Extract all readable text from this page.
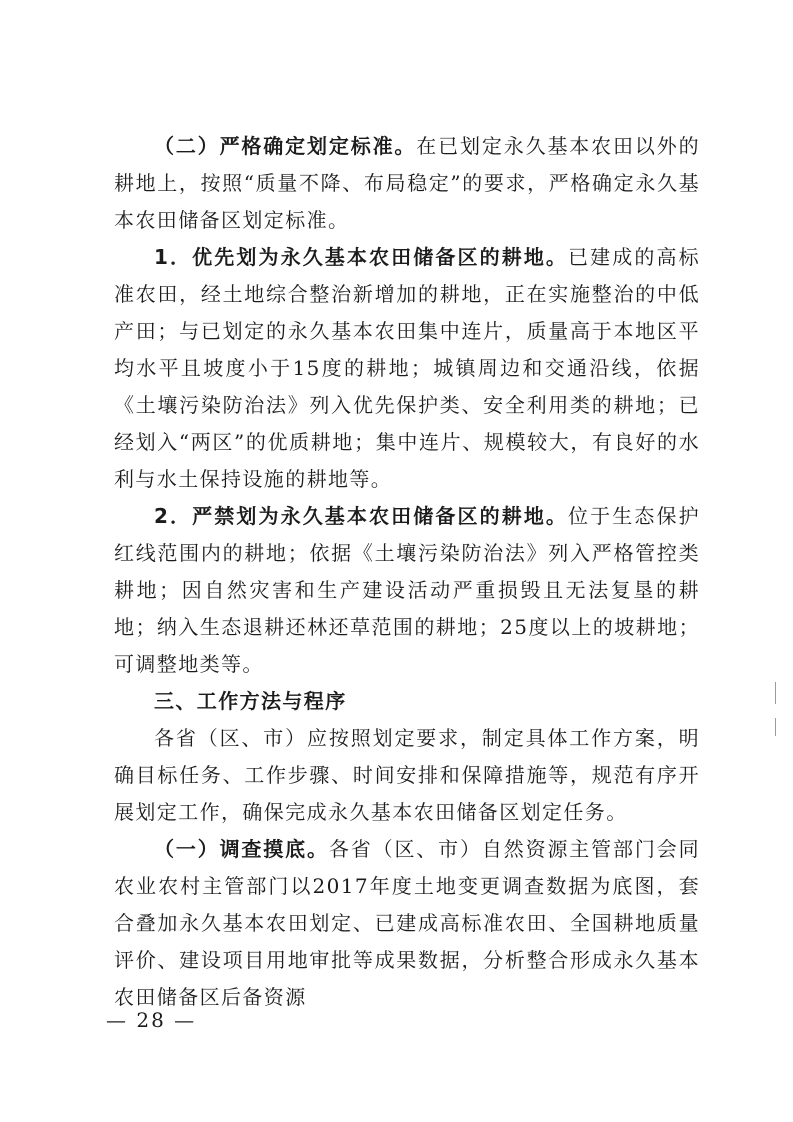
（二）严格确定划定标准。在已划定永久基本农田以外的耕地上，按照“质量不降、布局稳定”的要求，严格确定永久基本农田储备区划定标准。

1．优先划为永久基本农田储备区的耕地。已建成的高标准农田，经土地综合整治新增加的耕地，正在实施整治的中低产田；与已划定的永久基本农田集中连片，质量高于本地区平均水平且坡度小于15度的耕地；城镇周边和交通沿线，依据《土壤污染防治法》列入优先保护类、安全利用类的耕地；已经划入“两区”的优质耕地；集中连片、规模较大，有良好的水利与水土保持设施的耕地等。

2．严禁划为永久基本农田储备区的耕地。位于生态保护红线范围内的耕地；依据《土壤污染防治法》列入严格管控类耕地；因自然灾害和生产建设活动严重损毁且无法复垦的耕地；纳入生态退耕还林还草范围的耕地；25度以上的坡耕地；可调整地类等。

三、工作方法与程序

各省（区、市）应按照划定要求，制定具体工作方案，明确目标任务、工作步骤、时间安排和保障措施等，规范有序开展划定工作，确保完成永久基本农田储备区划定任务。

（一）调查摸底。各省（区、市）自然资源主管部门会同农业农村主管部门以2017年度土地变更调查数据为底图，套合叠加永久基本农田划定、已建成高标准农田、全国耕地质量评价、建设项目用地审批等成果数据，分析整合形成永久基本农田储备区后备资源

— 28 —
